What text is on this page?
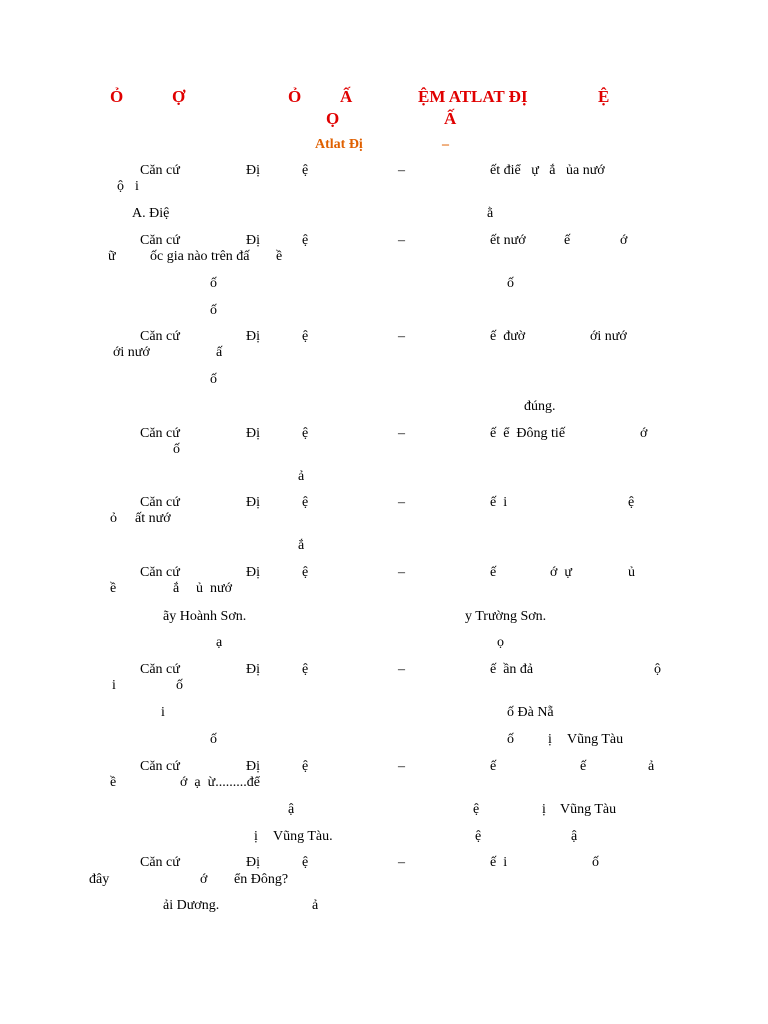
Ỏ	Ợ	Ỏ Ấ	ỆM ATLAT ĐỊ	Ệ
Ọ	Ấ
Atlat Đị	–
Căn cứ	Đị	ệ	–	ết điể   ự   ắ   ủa nướ
ộ i
A. Điệ	ằ
Căn cứ	Đị	ệ	–	ết nướ	ế	ớ
ữ ốc gia nào trên đấ ề
ố	ố
ố
Căn cứ	Đị	ệ	–	ế  đườ	ới nướ
ới nướ	ấ
ố
đúng.
Căn cứ	Đị	ệ	–	ế  ể  Đông tiế	ớ
ố
ả
Căn cứ	Đị	ệ	–	ế  i	ệ
ỏ ất nướ
ắ
Căn cứ	Đị	ệ	–	ế	ớ  ự	ủ
ề	ắ ủ  nướ
ãy Hoành Sơn.	y Trường Sơn.
ạ	ọ
Căn cứ	Đị	ệ	–	ế  ần đả	ộ
i	ố
i	ố Đà Nẵ
ố	ố ị Vũng Tàu
Căn cứ	Đị	ệ	–	ế	ế	ả
ề	ớ  ạ  ừ.........để
ậ	ệ	ị Vũng Tàu
ị Vũng Tàu.	ệ	ậ
Căn cứ	Đị	ệ	–	ế  i	ố
đây	ớ ển Đông?
ải Dương.	ả
